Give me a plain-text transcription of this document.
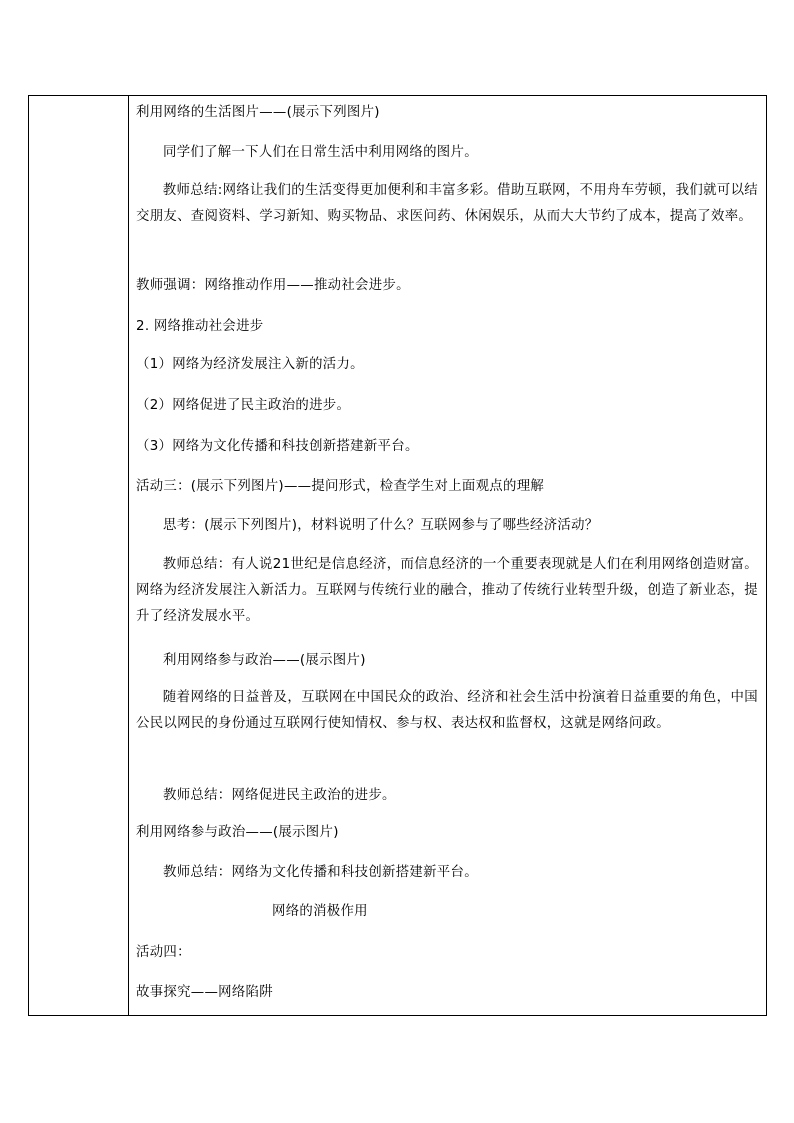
利用网络的生活图片——(展示下列图片)
同学们了解一下人们在日常生活中利用网络的图片。
教师总结:网络让我们的生活变得更加便利和丰富多彩。借助互联网，不用舟车劳顿，我们就可以结交朋友、查阅资料、学习新知、购买物品、求医问药、休闲娱乐，从而大大节约了成本，提高了效率。
教师强调：网络推动作用——推动社会进步。
2. 网络推动社会进步
（1）网络为经济发展注入新的活力。
（2）网络促进了民主政治的进步。
（3）网络为文化传播和科技创新搭建新平台。
活动三：(展示下列图片)——提问形式，检查学生对上面观点的理解
思考：(展示下列图片)，材料说明了什么？互联网参与了哪些经济活动？
教师总结：有人说21世纪是信息经济，而信息经济的一个重要表现就是人们在利用网络创造财富。网络为经济发展注入新活力。互联网与传统行业的融合，推动了传统行业转型升级，创造了新业态，提升了经济发展水平。
利用网络参与政治——(展示图片)
随着网络的日益普及，互联网在中国民众的政治、经济和社会生活中扮演着日益重要的角色，中国公民以网民的身份通过互联网行使知情权、参与权、表达权和监督权，这就是网络问政。
教师总结：网络促进民主政治的进步。
利用网络参与政治——(展示图片)
教师总结：网络为文化传播和科技创新搭建新平台。
网络的消极作用
活动四：
故事探究——网络陷阱
